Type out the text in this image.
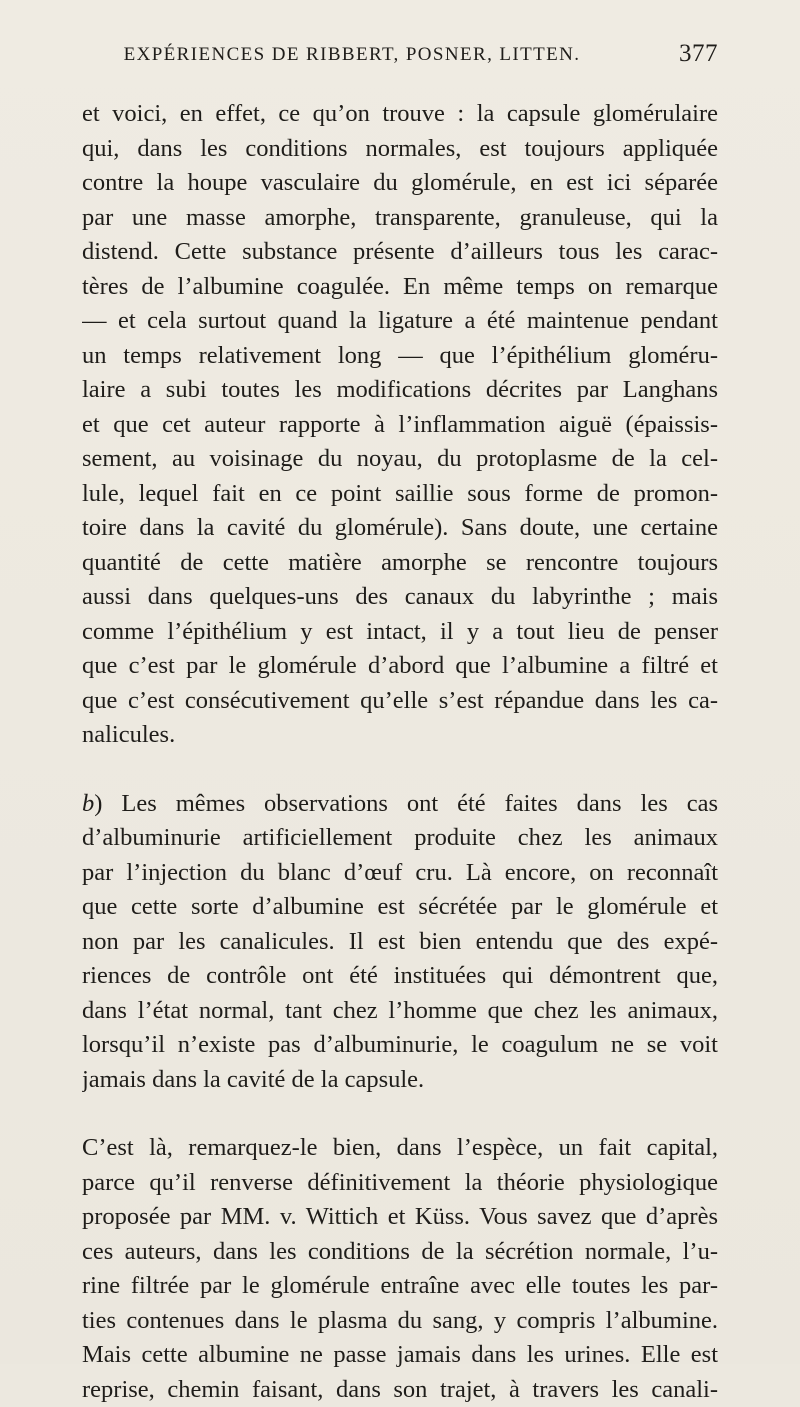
EXPÉRIENCES DE RIBBERT, POSNER, LITTEN.	377

et voici, en effet, ce qu’on trouve : la capsule glomérulaire
qui, dans les conditions normales, est toujours appliquée
contre la houpe vasculaire du glomérule, en est ici séparée
par une masse amorphe, transparente, granuleuse, qui la
distend. Cette substance présente d’ailleurs tous les carac-
tères de l’albumine coagulée. En même temps on remarque
— et cela surtout quand la ligature a été maintenue pendant
un temps relativement long — que l’épithélium gloméru-
laire a subi toutes les modifications décrites par Langhans
et que cet auteur rapporte à l’inflammation aiguë (épaissis-
sement, au voisinage du noyau, du protoplasme de la cel-
lule, lequel fait en ce point saillie sous forme de promon-
toire dans la cavité du glomérule). Sans doute, une certaine
quantité de cette matière amorphe se rencontre toujours
aussi dans quelques-uns des canaux du labyrinthe ; mais
comme l’épithélium y est intact, il y a tout lieu de penser
que c’est par le glomérule d’abord que l’albumine a filtré et
que c’est consécutivement qu’elle s’est répandue dans les ca-
nalicules.

b) Les mêmes observations ont été faites dans les cas
d’albuminurie artificiellement produite chez les animaux
par l’injection du blanc d’œuf cru. Là encore, on reconnaît
que cette sorte d’albumine est sécrétée par le glomérule et
non par les canalicules. Il est bien entendu que des expé-
riences de contrôle ont été instituées qui démontrent que,
dans l’état normal, tant chez l’homme que chez les animaux,
lorsqu’il n’existe pas d’albuminurie, le coagulum ne se voit
jamais dans la cavité de la capsule.

C’est là, remarquez-le bien, dans l’espèce, un fait capital,
parce qu’il renverse définitivement la théorie physiologique
proposée par MM. v. Wittich et Küss. Vous savez que d’après
ces auteurs, dans les conditions de la sécrétion normale, l’u-
rine filtrée par le glomérule entraîne avec elle toutes les par-
ties contenues dans le plasma du sang, y compris l’albumine.
Mais cette albumine ne passe jamais dans les urines. Elle est
reprise, chemin faisant, dans son trajet, à travers les canali-
